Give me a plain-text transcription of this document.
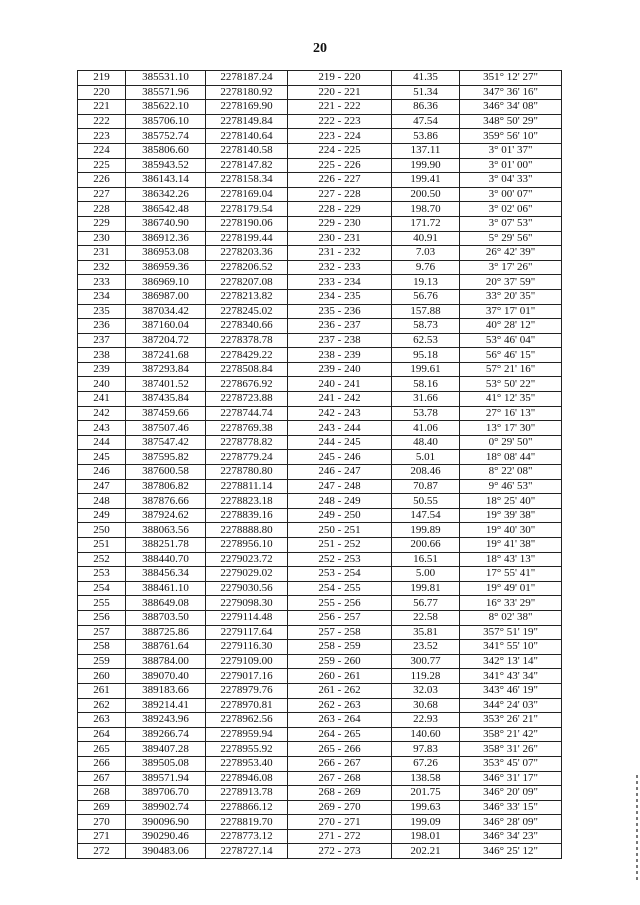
20
219	385531.10	2278187.24	219 - 220	41.35	351° 12' 27"
220	385571.96	2278180.92	220 - 221	51.34	347° 36' 16"
221	385622.10	2278169.90	221 - 222	86.36	346° 34' 08"
222	385706.10	2278149.84	222 - 223	47.54	348° 50' 29"
223	385752.74	2278140.64	223 - 224	53.86	359° 56' 10"
224	385806.60	2278140.58	224 - 225	137.11	3° 01' 37"
225	385943.52	2278147.82	225 - 226	199.90	3° 01' 00"
226	386143.14	2278158.34	226 - 227	199.41	3° 04' 33"
227	386342.26	2278169.04	227 - 228	200.50	3° 00' 07"
228	386542.48	2278179.54	228 - 229	198.70	3° 02' 06"
229	386740.90	2278190.06	229 - 230	171.72	3° 07' 53"
230	386912.36	2278199.44	230 - 231	40.91	5° 29' 56"
231	386953.08	2278203.36	231 - 232	7.03	26° 42' 39"
232	386959.36	2278206.52	232 - 233	9.76	3° 17' 26"
233	386969.10	2278207.08	233 - 234	19.13	20° 37' 59"
234	386987.00	2278213.82	234 - 235	56.76	33° 20' 35"
235	387034.42	2278245.02	235 - 236	157.88	37° 17' 01"
236	387160.04	2278340.66	236 - 237	58.73	40° 28' 12"
237	387204.72	2278378.78	237 - 238	62.53	53° 46' 04"
238	387241.68	2278429.22	238 - 239	95.18	56° 46' 15"
239	387293.84	2278508.84	239 - 240	199.61	57° 21' 16"
240	387401.52	2278676.92	240 - 241	58.16	53° 50' 22"
241	387435.84	2278723.88	241 - 242	31.66	41° 12' 35"
242	387459.66	2278744.74	242 - 243	53.78	27° 16' 13"
243	387507.46	2278769.38	243 - 244	41.06	13° 17' 30"
244	387547.42	2278778.82	244 - 245	48.40	0° 29' 50"
245	387595.82	2278779.24	245 - 246	5.01	18° 08' 44"
246	387600.58	2278780.80	246 - 247	208.46	8° 22' 08"
247	387806.82	2278811.14	247 - 248	70.87	9° 46' 53"
248	387876.66	2278823.18	248 - 249	50.55	18° 25' 40"
249	387924.62	2278839.16	249 - 250	147.54	19° 39' 38"
250	388063.56	2278888.80	250 - 251	199.89	19° 40' 30"
251	388251.78	2278956.10	251 - 252	200.66	19° 41' 38"
252	388440.70	2279023.72	252 - 253	16.51	18° 43' 13"
253	388456.34	2279029.02	253 - 254	5.00	17° 55' 41"
254	388461.10	2279030.56	254 - 255	199.81	19° 49' 01"
255	388649.08	2279098.30	255 - 256	56.77	16° 33' 29"
256	388703.50	2279114.48	256 - 257	22.58	8° 02' 38"
257	388725.86	2279117.64	257 - 258	35.81	357° 51' 19"
258	388761.64	2279116.30	258 - 259	23.52	341° 55' 10"
259	388784.00	2279109.00	259 - 260	300.77	342° 13' 14"
260	389070.40	2279017.16	260 - 261	119.28	341° 43' 34"
261	389183.66	2278979.76	261 - 262	32.03	343° 46' 19"
262	389214.41	2278970.81	262 - 263	30.68	344° 24' 03"
263	389243.96	2278962.56	263 - 264	22.93	353° 26' 21"
264	389266.74	2278959.94	264 - 265	140.60	358° 21' 42"
265	389407.28	2278955.92	265 - 266	97.83	358° 31' 26"
266	389505.08	2278953.40	266 - 267	67.26	353° 45' 07"
267	389571.94	2278946.08	267 - 268	138.58	346° 31' 17"
268	389706.70	2278913.78	268 - 269	201.75	346° 20' 09"
269	389902.74	2278866.12	269 - 270	199.63	346° 33' 15"
270	390096.90	2278819.70	270 - 271	199.09	346° 28' 09"
271	390290.46	2278773.12	271 - 272	198.01	346° 34' 23"
272	390483.06	2278727.14	272 - 273	202.21	346° 25' 12"
